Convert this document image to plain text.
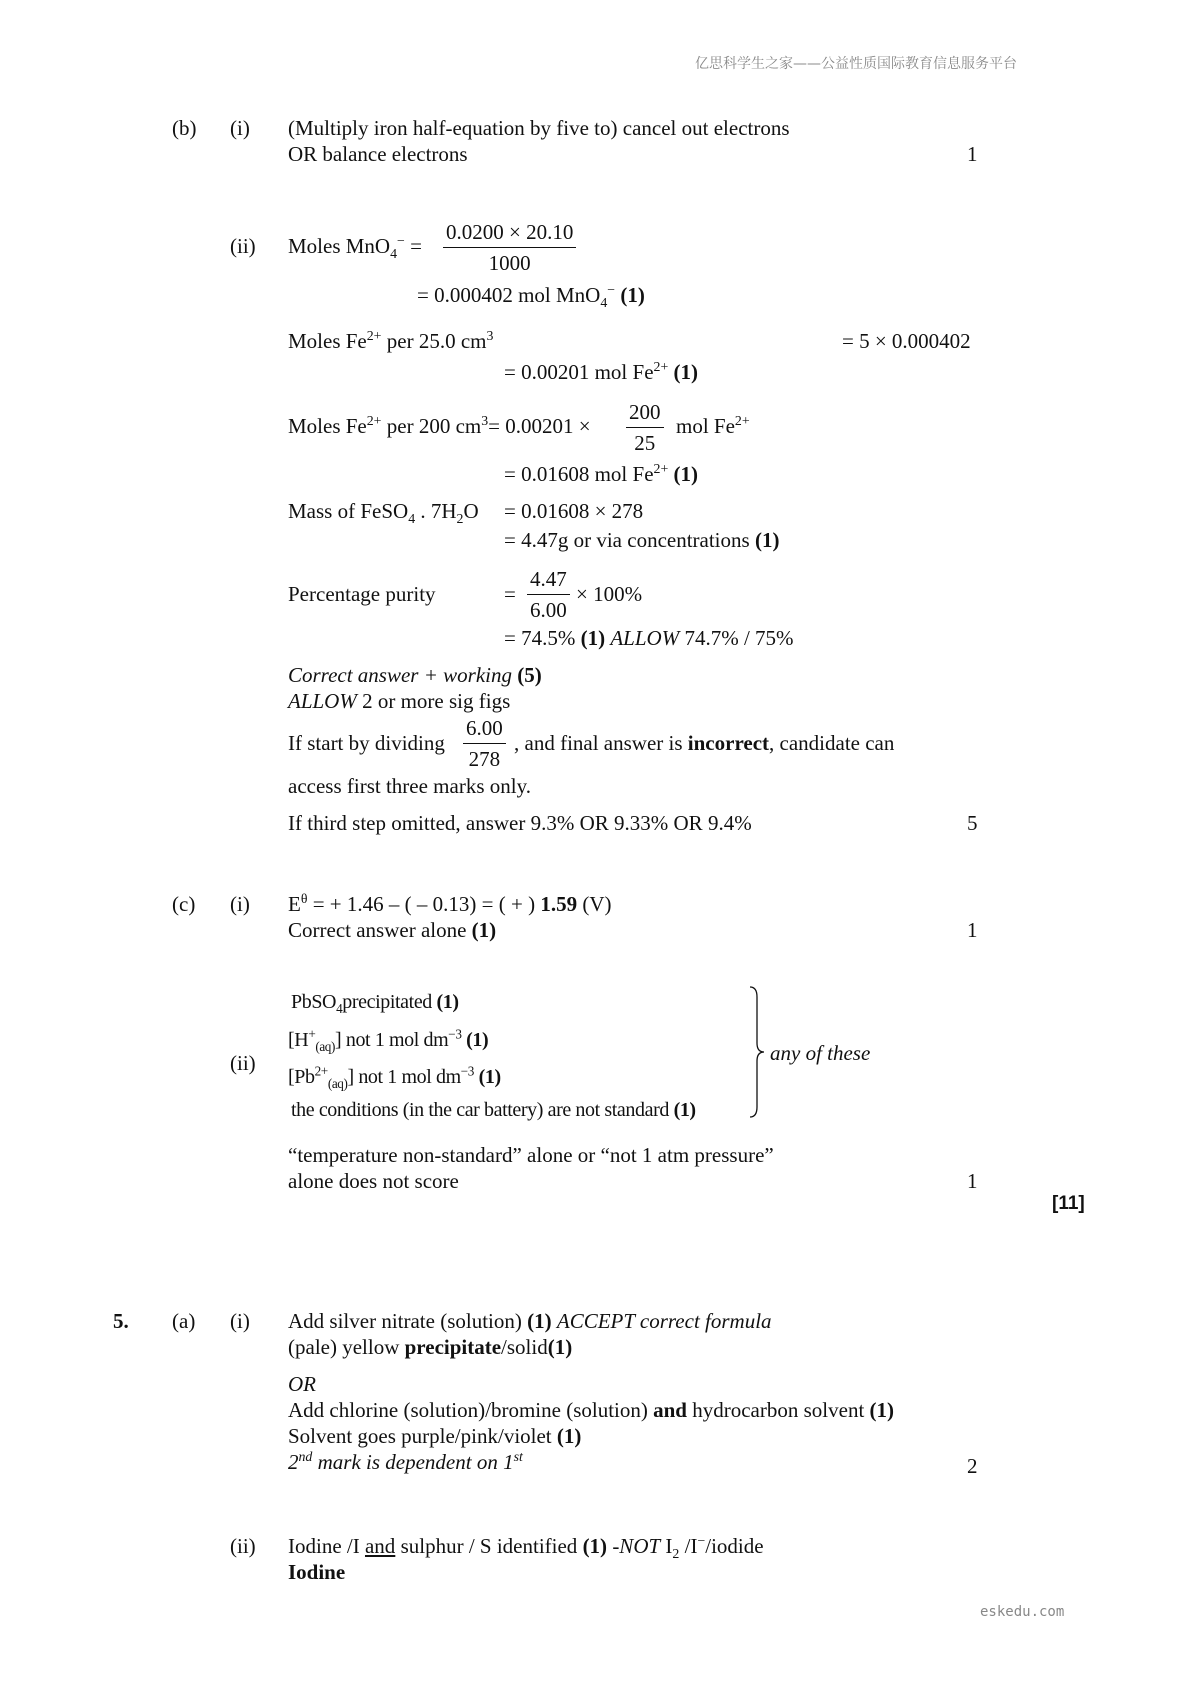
亿思科学生之家——公益性质国际教育信息服务平台
eskedu.com
(b) (i) (Multiply iron half-equation by five to) cancel out electrons
OR balance electrons	1
(ii) Moles $MnO_4^- = \frac{0.0200 \times 20.10}{1000}$
= 0.000402 mol MnO$_4$− (1)
Moles $Fe^{2+}$ per 25.0 $cm^3$	= 5 × 0.000402
= 0.00201 mol $Fe^{2+}$ (1)
Moles $Fe^{2+}$ per 200 $cm^3= 0.00201 \times \frac{200}{25}$ mol $Fe^{2+}$
= 0.01608 mol $Fe^{2+}$ (1)
Mass of FeSO$_4$ . $7H_2O = 0.01608 \times 278$
= 4.47g or via concentrations (1)
Percentage purity	= $\frac{4.47}{6.00} \times 100\%$
= 74.5% (1) ALLOW 74.7% / 75%
Correct answer + working (5)
ALLOW 2 or more sig figs
If start by dividing $\frac{6.00}{278}$ , and final answer is incorrect, candidate can
access first three marks only.
If third step omitted, answer 9.3% OR 9.33% OR 9.4%	5
(c) (i) $E^\theta$ = + 1.46 – ( – 0.13) = ( + ) 1.59 (V)
Correct answer alone (1)	1
(ii)
PbSO$_4$precipitated (1)
$[H^+_{(aq)}]$ not 1 mol $dm^{-3}$ (1)
$[Pb^{2+}_{(aq)}]$ not 1 mol $dm^{-3}$ (1)
the conditions (in the car battery) are not standard (1)
any of these
“temperature non-standard” alone or “not 1 atm pressure”
alone does not score	1
[11]
5. (a) (i) Add silver nitrate (solution) (1) ACCEPT correct formula
(pale) yellow precipitate/solid(1)
OR
Add chlorine (solution)/bromine (solution) and hydrocarbon solvent (1)
Solvent goes purple/pink/violet (1)
2nd mark is dependent on 1st	2
(ii) Iodine /I and sulphur / S identified (1) -NOT $I_2$ /I−/iodide
Iodine
